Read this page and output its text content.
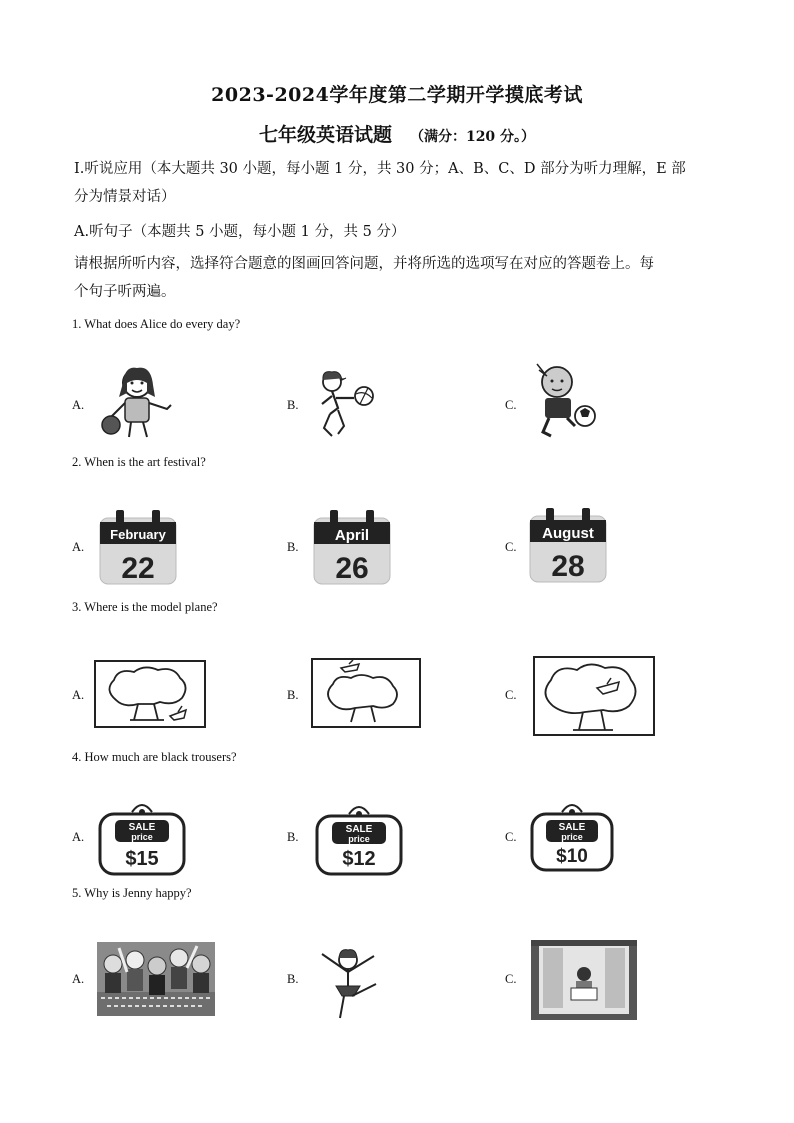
2023-2024学年度第二学期开学摸底考试
七年级英语试题 （满分：120 分。）
I.听说应用（本大题共 30 小题，每小题 1 分，共 30 分；A、B、C、D 部分为听力理解，E 部
分为情景对话）
A.听句子（本题共 5 小题，每小题 1 分，共 5 分）
请根据所听内容，选择符合题意的图画回答问题，并将所选的选项写在对应的答题卷上。每
个句子听两遍。
1. What does Alice do every day?
A.	B.	C.
2. When is the art festival?
A.
February
22
B.
April
26
C.
August
28
3. Where is the model plane?
A.	B.	C.
4. How much are black trousers?
A.
SALE
price
$15
B.
SALE
price
$12
C.
SALE
price
$10
5. Why is Jenny happy?
A.	B.	C.
